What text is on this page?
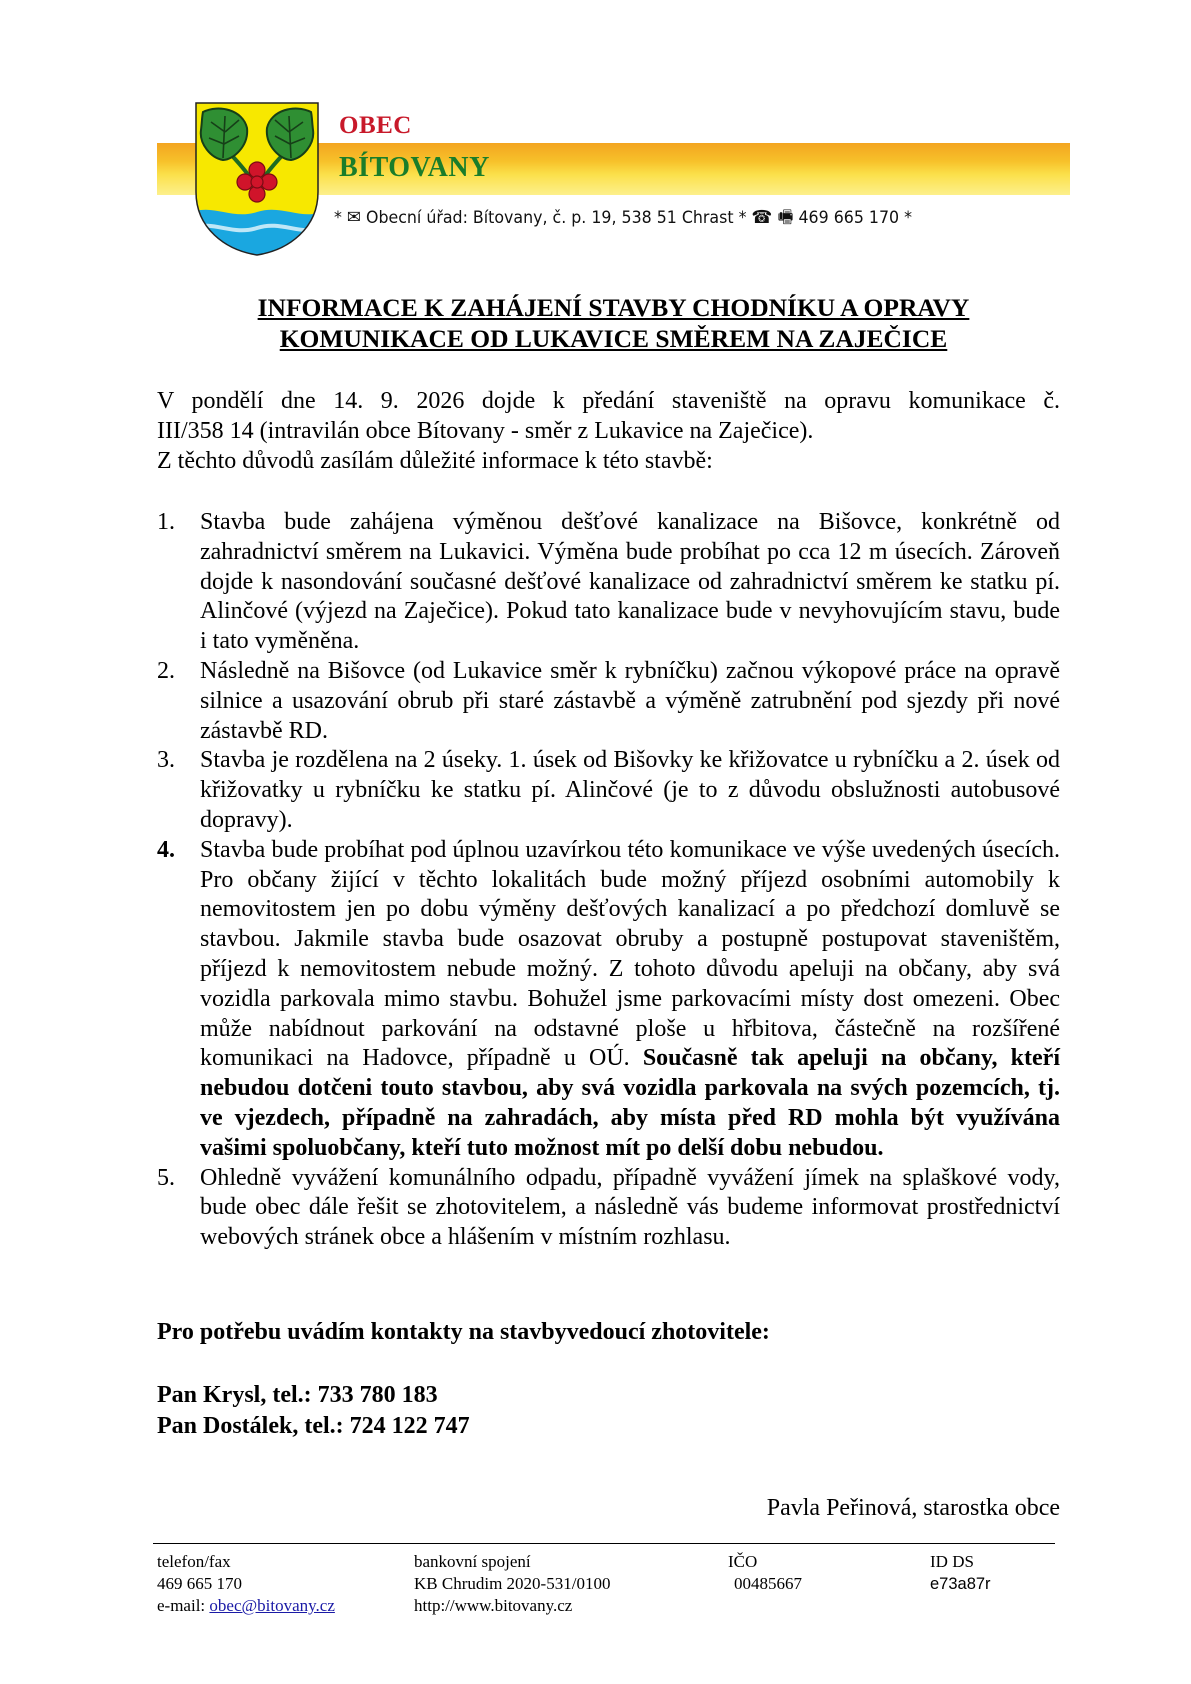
OBEC
BÍTOVANY
* ✉ Obecní úřad: Bítovany, č. p. 19, 538 51 Chrast * ☎ 🖷 469 665 170 *
INFORMACE K ZAHÁJENÍ STAVBY CHODNÍKU A OPRAVY
KOMUNIKACE OD LUKAVICE SMĚREM NA ZAJEČICE

V pondělí dne 14. 9. 2026 dojde k předání staveniště na opravu komunikace č.

III/358 14 (intravilán obce Bítovany - směr z Lukavice na Zaječice).

Z těchto důvodů zasílám důležité informace k této stavbě:

1. Stavba bude zahájena výměnou dešťové kanalizace na Bišovce, konkrétně od zahradnictví směrem na Lukavici. Výměna bude probíhat po cca 12 m úsecích. Zároveň dojde k nasondování současné dešťové kanalizace od zahradnictví směrem ke statku pí. Alinčové (výjezd na Zaječice). Pokud tato kanalizace bude v nevyhovujícím stavu, bude i tato vyměněna.
2. Následně na Bišovce (od Lukavice směr k rybníčku) začnou výkopové práce na opravě silnice a usazování obrub při staré zástavbě a výměně zatrubnění pod sjezdy při nové zástavbě RD.
3. Stavba je rozdělena na 2 úseky. 1. úsek od Bišovky ke křižovatce u rybníčku a 2. úsek od křižovatky u rybníčku ke statku pí. Alinčové (je to z důvodu obslužnosti autobusové dopravy).
4. Stavba bude probíhat pod úplnou uzavírkou této komunikace ve výše uvedených úsecích. Pro občany žijící v těchto lokalitách bude možný příjezd osobními automobily k nemovitostem jen po dobu výměny dešťových kanalizací a po předchozí domluvě se stavbou. Jakmile stavba bude osazovat obruby a postupně postupovat staveništěm, příjezd k nemovitostem nebude možný. Z tohoto důvodu apeluji na občany, aby svá vozidla parkovala mimo stavbu. Bohužel jsme parkovacími místy dost omezeni. Obec může nabídnout parkování na odstavné ploše u hřbitova, částečně na rozšířené komunikaci na Hadovce, případně u OÚ. Současně tak apeluji na občany, kteří nebudou dotčeni touto stavbou, aby svá vozidla parkovala na svých pozemcích, tj. ve vjezdech, případně na zahradách, aby místa před RD mohla být využívána vašimi spoluobčany, kteří tuto možnost mít po delší dobu nebudou.
5. Ohledně vyvážení komunálního odpadu, případně vyvážení jímek na splaškové vody, bude obec dále řešit se zhotovitelem, a následně vás budeme informovat prostřednictví webových stránek obce a hlášením v místním rozhlasu.
Pro potřebu uvádím kontakty na stavbyvedoucí zhotovitele:
Pan Krysl, tel.: 733 780 183
Pan Dostálek, tel.: 724 122 747
Pavla Peřinová, starostka obce
telefon/fax
469 665 170
e-mail: obec@bitovany.cz
bankovní spojení
KB Chrudim 2020-531/0100
http://www.bitovany.cz
IČO
00485667
ID DS
e73a87r
